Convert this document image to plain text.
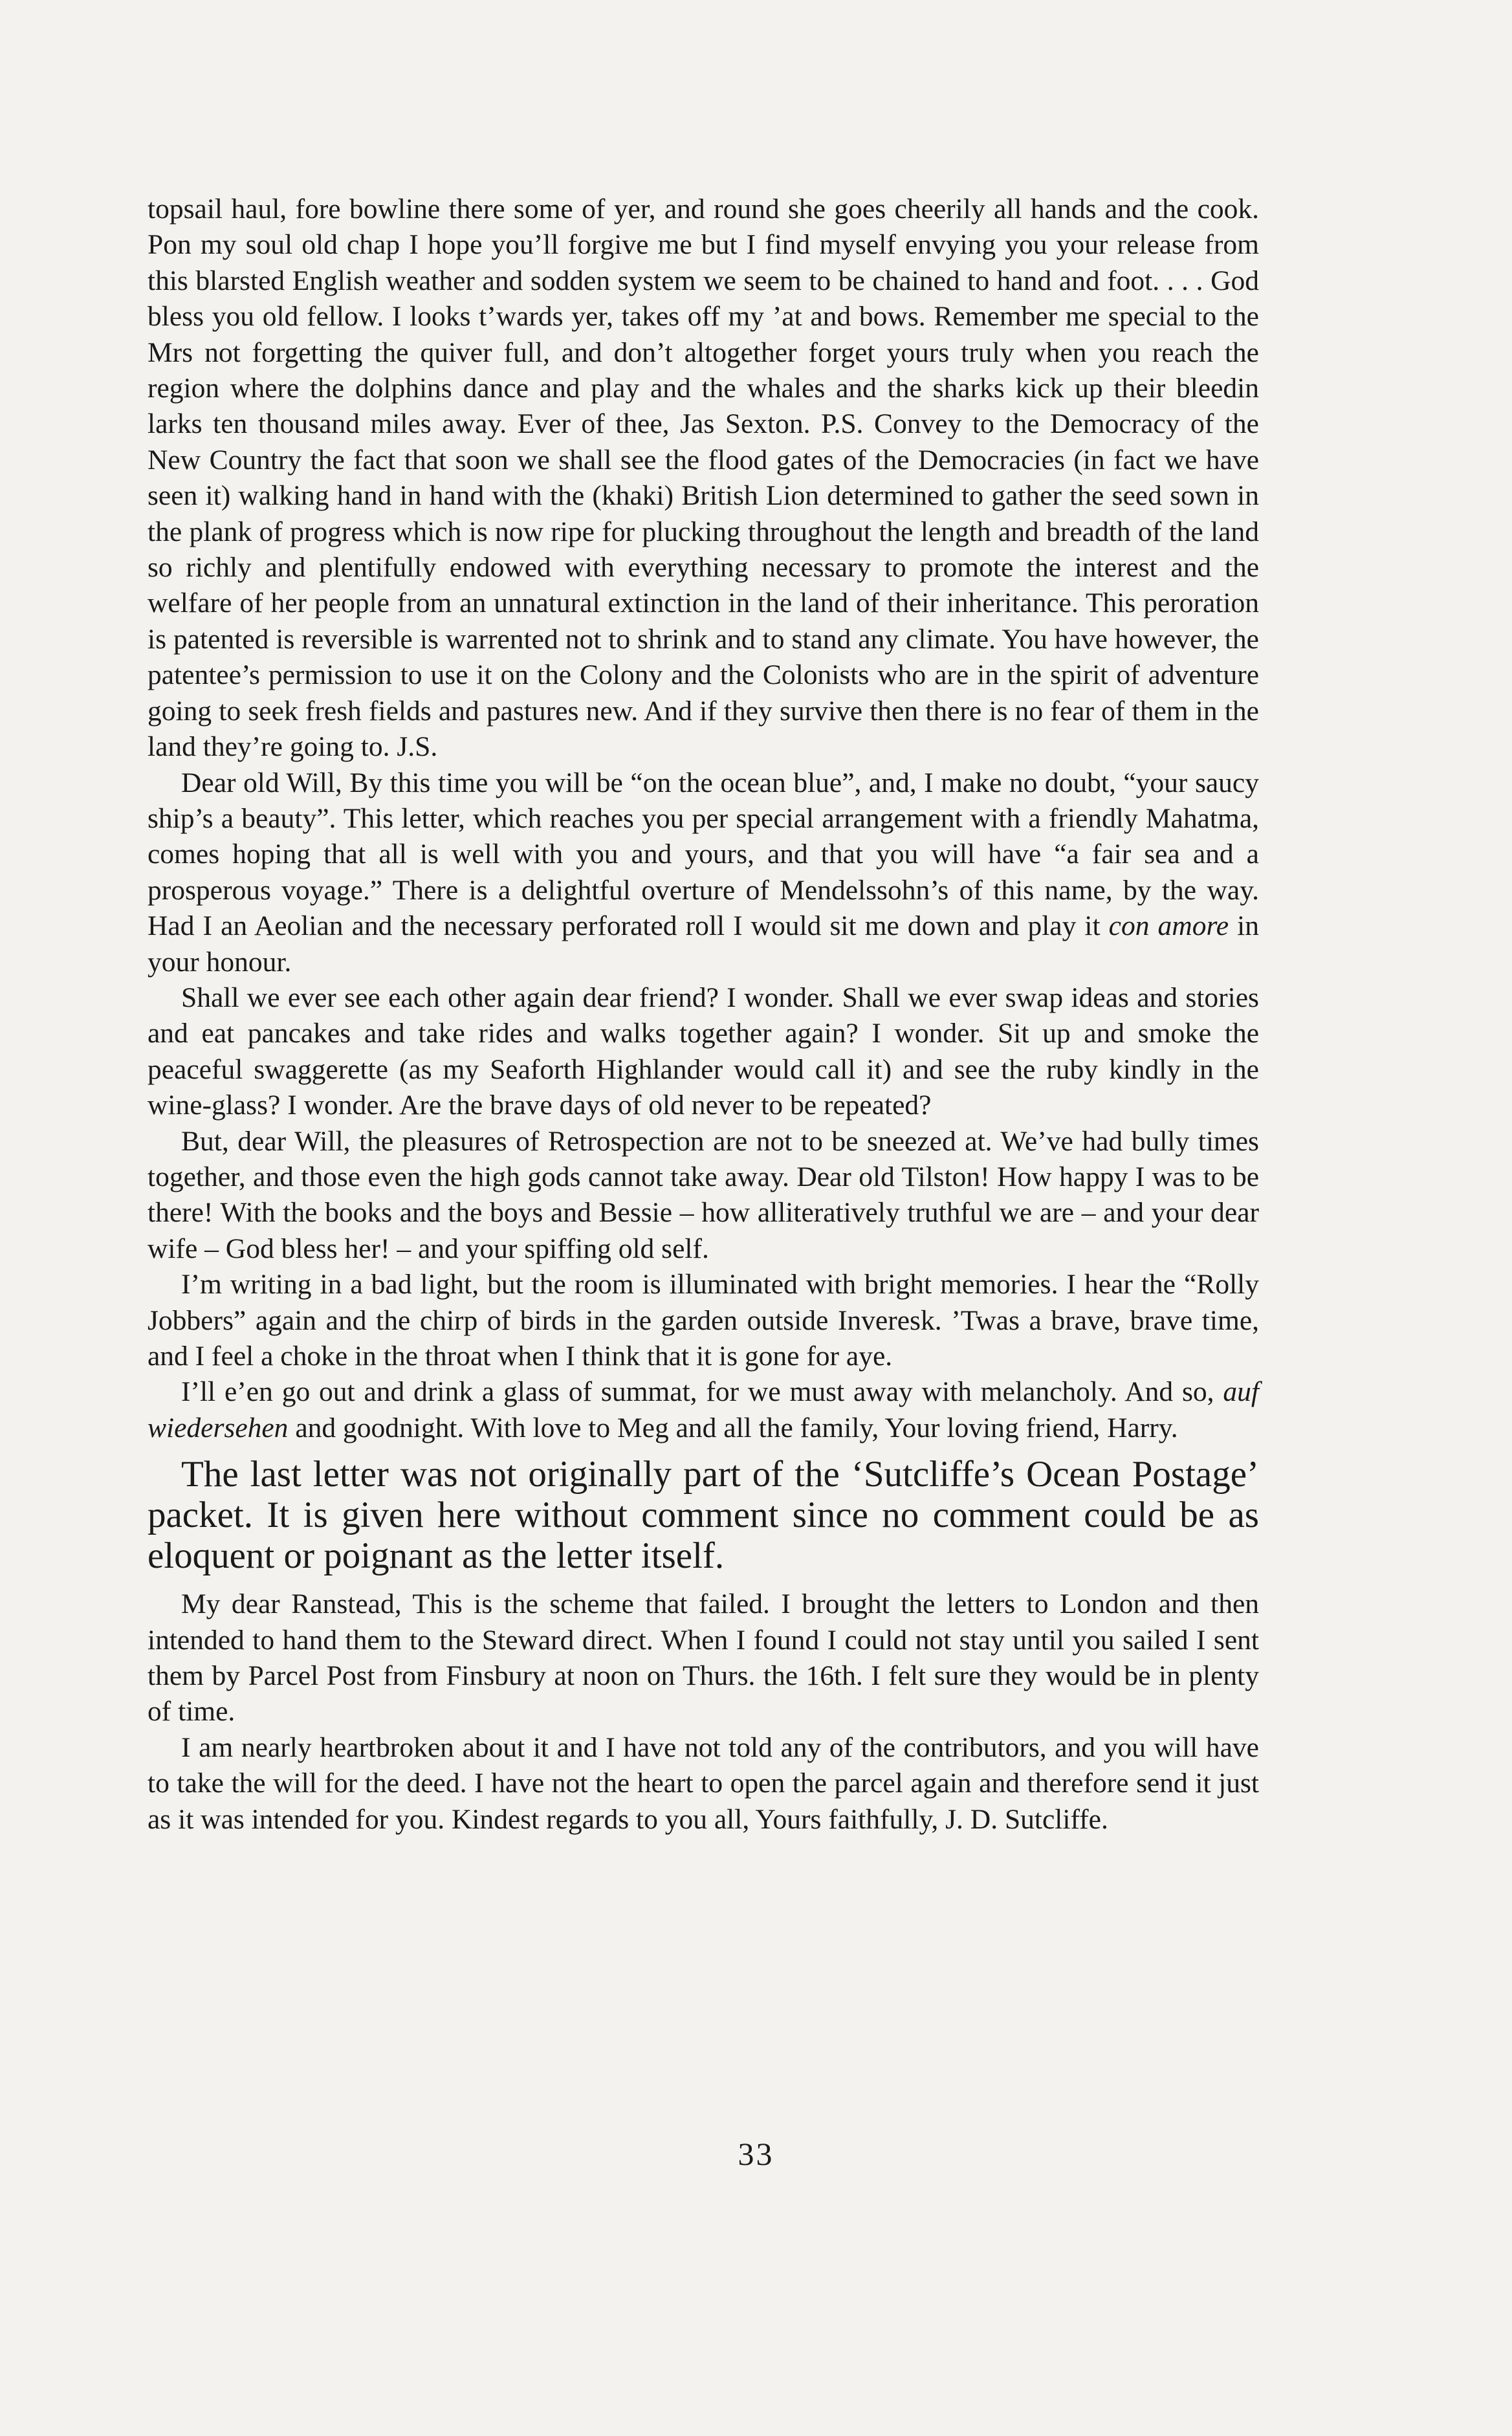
topsail haul, fore bowline there some of yer, and round she goes cheerily all hands and the cook. Pon my soul old chap I hope you’ll forgive me but I find myself envying you your release from this blarsted English weather and sodden system we seem to be chained to hand and foot. . . . God bless you old fellow. I looks t’wards yer, takes off my ’at and bows. Remember me special to the Mrs not forgetting the quiver full, and don’t altogether forget yours truly when you reach the region where the dolphins dance and play and the whales and the sharks kick up their bleedin larks ten thousand miles away. Ever of thee, Jas Sexton. P.S. Convey to the Democracy of the New Country the fact that soon we shall see the flood gates of the Democracies (in fact we have seen it) walking hand in hand with the (khaki) British Lion determined to gather the seed sown in the plank of progress which is now ripe for plucking throughout the length and breadth of the land so richly and plentifully endowed with everything necessary to promote the interest and the welfare of her people from an unnatural extinction in the land of their inheritance. This peroration is patented is reversible is warrented not to shrink and to stand any climate. You have however, the patentee’s permission to use it on the Colony and the Colonists who are in the spirit of adventure going to seek fresh fields and pastures new. And if they survive then there is no fear of them in the land they’re going to. J.S.

Dear old Will, By this time you will be “on the ocean blue”, and, I make no doubt, “your saucy ship’s a beauty”. This letter, which reaches you per special arrangement with a friendly Mahatma, comes hoping that all is well with you and yours, and that you will have “a fair sea and a prosperous voyage.” There is a delightful overture of Mendelssohn’s of this name, by the way. Had I an Aeolian and the necessary perforated roll I would sit me down and play it con amore in your honour.

Shall we ever see each other again dear friend? I wonder. Shall we ever swap ideas and stories and eat pancakes and take rides and walks together again? I wonder. Sit up and smoke the peaceful swaggerette (as my Seaforth Highlander would call it) and see the ruby kindly in the wine-glass? I wonder. Are the brave days of old never to be repeated?

But, dear Will, the pleasures of Retrospection are not to be sneezed at. We’ve had bully times together, and those even the high gods cannot take away. Dear old Tilston! How happy I was to be there! With the books and the boys and Bessie – how alliteratively truthful we are – and your dear wife – God bless her! – and your spiffing old self.

I’m writing in a bad light, but the room is illuminated with bright memories. I hear the “Rolly Jobbers” again and the chirp of birds in the garden outside Inveresk. ’Twas a brave, brave time, and I feel a choke in the throat when I think that it is gone for aye.

I’ll e’en go out and drink a glass of summat, for we must away with melancholy. And so, auf wiedersehen and goodnight. With love to Meg and all the family, Your loving friend, Harry.

The last letter was not originally part of the ‘Sutcliffe’s Ocean Postage’ packet. It is given here without comment since no comment could be as eloquent or poignant as the letter itself.

My dear Ranstead, This is the scheme that failed. I brought the letters to London and then intended to hand them to the Steward direct. When I found I could not stay until you sailed I sent them by Parcel Post from Finsbury at noon on Thurs. the 16th. I felt sure they would be in plenty of time.

I am nearly heartbroken about it and I have not told any of the contributors, and you will have to take the will for the deed. I have not the heart to open the parcel again and therefore send it just as it was intended for you. Kindest regards to you all, Yours faithfully, J. D. Sutcliffe.

33
